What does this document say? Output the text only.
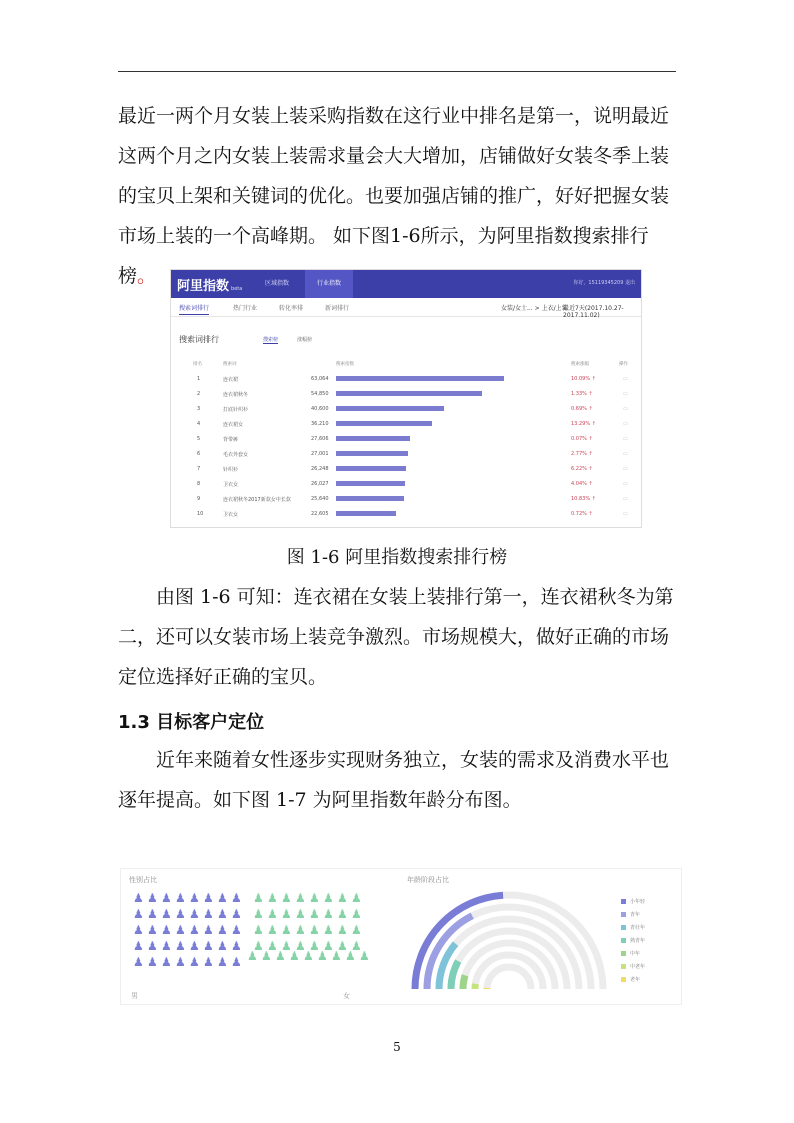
最近一两个月女装上装采购指数在这行业中排名是第一，说明最近这两个月之内女装上装需求量会大大增加，店铺做好女装冬季上装的宝贝上架和关键词的优化。也要加强店铺的推广，好好把握女装市场上装的一个高峰期。 如下图1-6所示，为阿里指数搜索排行榜。	阿里指数 beta
区域指数	行业指数	你好，15119345209 退出
搜索词排行	热门行业	转化率排	新词排行	女装/女士... > 上衣/上装
最近7天(2017.10.27-2017.11.02)
搜索词排行	搜索榜	涨幅榜
排名	搜索词	搜索指数	搜索涨幅	操作
1	连衣裙	63,064	10.09% ↑	▭
2	连衣裙秋冬	54,850	1.33% ↑	▭
3	打底针织衫	40,600	0.69% ↑	▭
4	连衣裙女	36,210	13.29% ↑	▭
5	背带裤	27,606	0.07% ↑	▭
6	毛衣外套女	27,001	2.77% ↑	▭
7	针织衫	26,248	6.22% ↑	▭
8	卫衣女	26,027	4.04% ↑	▭
9	连衣裙秋冬2017新款女中长款	25,640	10.83% ↑	▭
10	卫衣女	22,605	0.72% ↑	▭
图 1-6 阿里指数搜索排行榜

由图 1-6 可知：连衣裙在女装上装排行第一，连衣裙秋冬为第二，还可以女装市场上装竞争激烈。市场规模大，做好正确的市场定位选择好正确的宝贝。

1.3 目标客户定位

近年来随着女性逐步实现财务独立，女装的需求及消费水平也逐年提高。如下图 1-7 为阿里指数年龄分布图。

性别占比	年龄阶段占比
♟ ♟ ♟ ♟ ♟ ♟ ♟ ♟
♟ ♟ ♟ ♟ ♟ ♟ ♟ ♟
♟ ♟ ♟ ♟ ♟ ♟ ♟ ♟
♟ ♟ ♟ ♟ ♟ ♟ ♟ ♟
♟ ♟ ♟ ♟ ♟ ♟ ♟ ♟
♟ ♟ ♟ ♟ ♟ ♟ ♟ ♟
♟ ♟ ♟ ♟ ♟ ♟ ♟ ♟
♟ ♟ ♟ ♟ ♟ ♟ ♟ ♟
♟ ♟ ♟ ♟ ♟ ♟ ♟ ♟
♟ ♟ ♟ ♟ ♟ ♟ ♟ ♟ ♟
男	女
小年轻
青年
青壮年
熟青年
中年
中老年
老年
5
